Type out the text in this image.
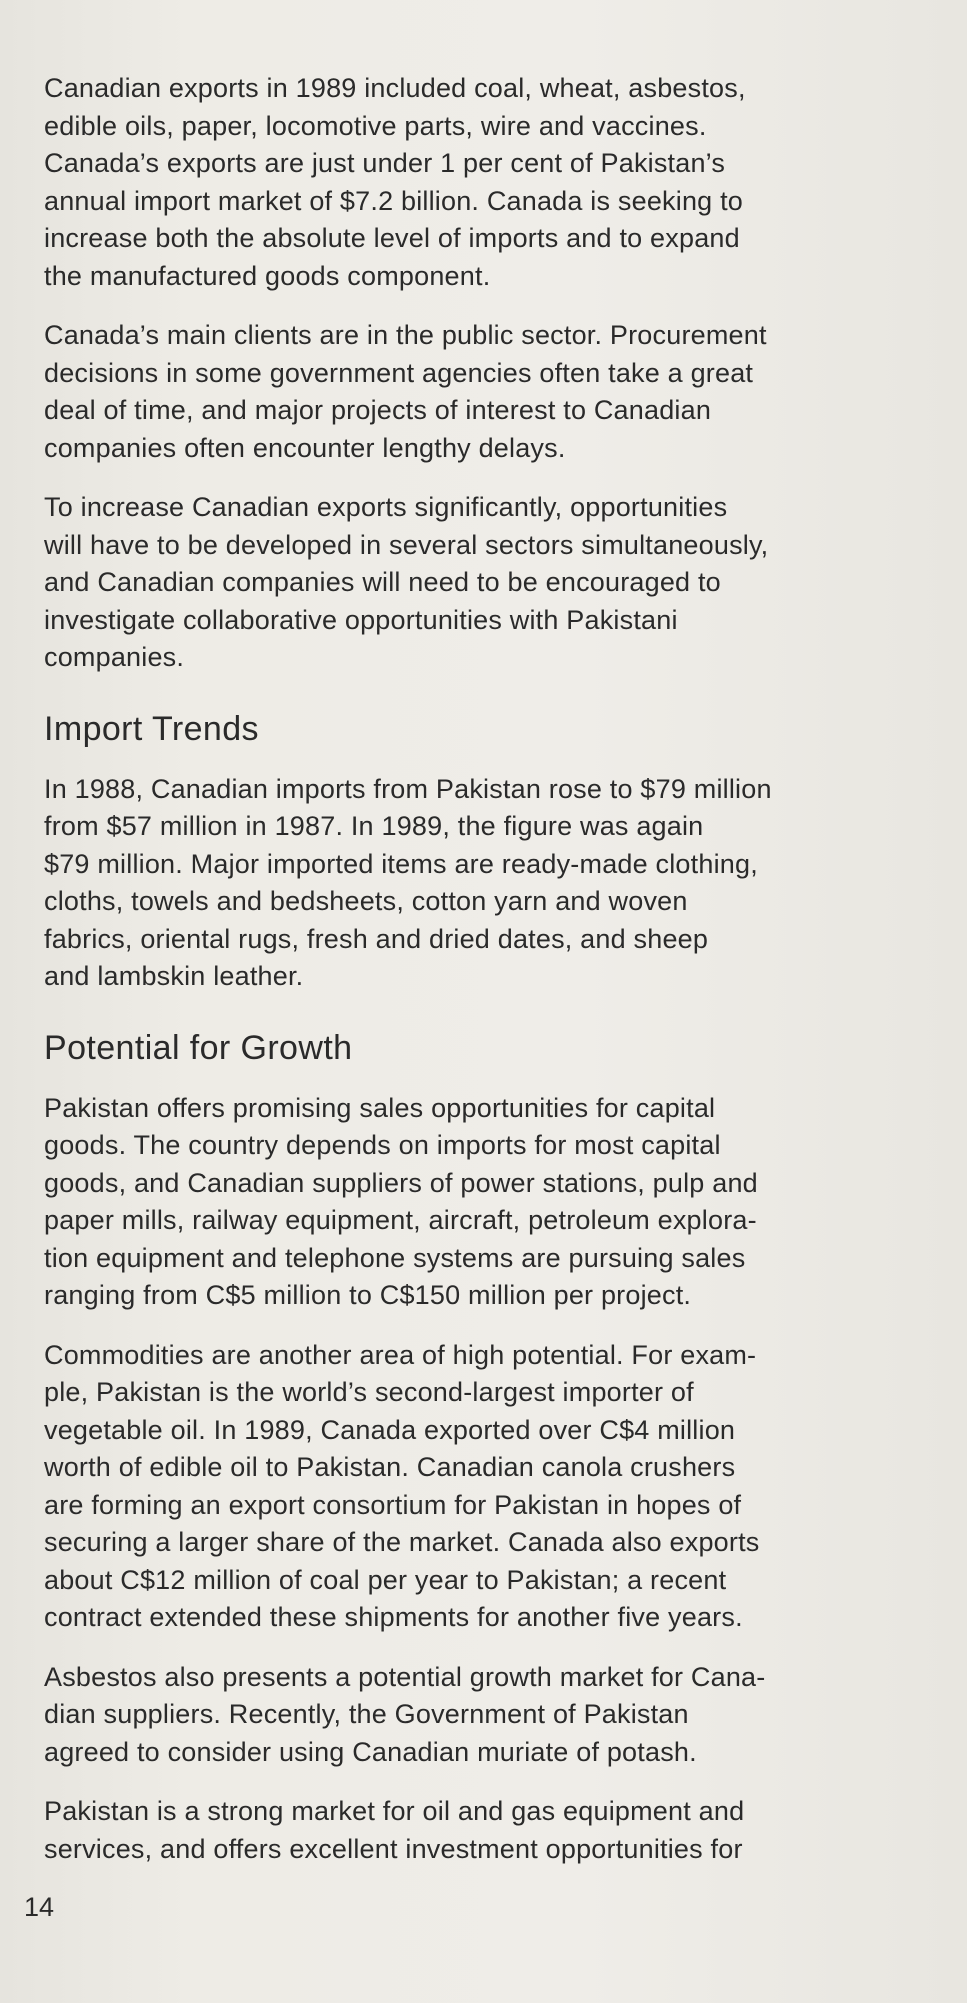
Canadian exports in 1989 included coal, wheat, asbestos,
edible oils, paper, locomotive parts, wire and vaccines.
Canada’s exports are just under 1 per cent of Pakistan’s
annual import market of $7.2 billion. Canada is seeking to
increase both the absolute level of imports and to expand
the manufactured goods component.

Canada’s main clients are in the public sector. Procurement
decisions in some government agencies often take a great
deal of time, and major projects of interest to Canadian
companies often encounter lengthy delays.

To increase Canadian exports significantly, opportunities
will have to be developed in several sectors simultaneously,
and Canadian companies will need to be encouraged to
investigate collaborative opportunities with Pakistani
companies.

Import Trends

In 1988, Canadian imports from Pakistan rose to $79 million
from $57 million in 1987. In 1989, the figure was again
$79 million. Major imported items are ready-made clothing,
cloths, towels and bedsheets, cotton yarn and woven
fabrics, oriental rugs, fresh and dried dates, and sheep
and lambskin leather.

Potential for Growth

Pakistan offers promising sales opportunities for capital
goods. The country depends on imports for most capital
goods, and Canadian suppliers of power stations, pulp and
paper mills, railway equipment, aircraft, petroleum explora-
tion equipment and telephone systems are pursuing sales
ranging from C$5 million to C$150 million per project.

Commodities are another area of high potential. For exam-
ple, Pakistan is the world’s second-largest importer of
vegetable oil. In 1989, Canada exported over C$4 million
worth of edible oil to Pakistan. Canadian canola crushers
are forming an export consortium for Pakistan in hopes of
securing a larger share of the market. Canada also exports
about C$12 million of coal per year to Pakistan; a recent
contract extended these shipments for another five years.

Asbestos also presents a potential growth market for Cana-
dian suppliers. Recently, the Government of Pakistan
agreed to consider using Canadian muriate of potash.

Pakistan is a strong market for oil and gas equipment and
services, and offers excellent investment opportunities for

14
